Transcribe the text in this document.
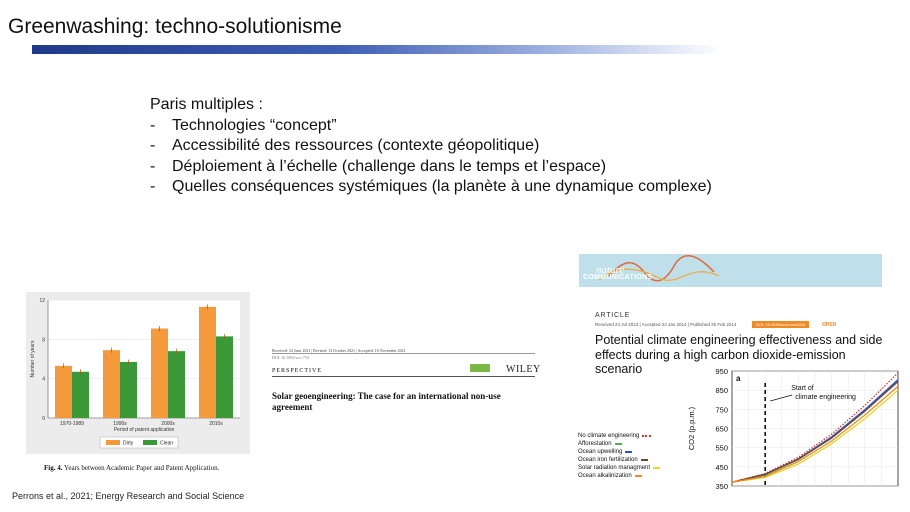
Greenwashing: techno-solutionisme
Paris multiples :
-	Technologies “concept”
-	Accessibilité des ressources (contexte géopolitique)
-	Déploiement à l’échelle (challenge dans le temps et l’espace)
-	Quelles conséquences systémiques (la planète à une dynamique complexe)
0
4
8
12
1970-1989	1990s	2000s	2010s
Period of patent application
Number of years
Dirty	Clean
Fig. 4. Years between Academic Paper and Patent Application.
Perrons et al., 2021; Energy Research and Social Science
Received: 24 June 2021 | Revised: 13 October 2021 | Accepted: 16 November 2021
DOI: 10.1002/wcc.754
PERSPECTIVE	WILEY
Solar geoengineering: The case for an international non-use agreement
nature
COMMUNICATIONS
ARTICLE
Received 24 Jul 2013 | Accepted 23 Jan 2014 | Published 25 Feb 2014	DOI: 10.1038/ncomms4304	OPEN
Potential climate engineering effectiveness and side effects during a high carbon dioxide-emission scenario	950
850
750
650
550
450
350
CO2 (p.p.m.)
a
Start of
climate engineering
No climate engineering
Afforestation
Ocean upwelling
Ocean iron fertilization
Solar radiation managment
Ocean alkalinization
